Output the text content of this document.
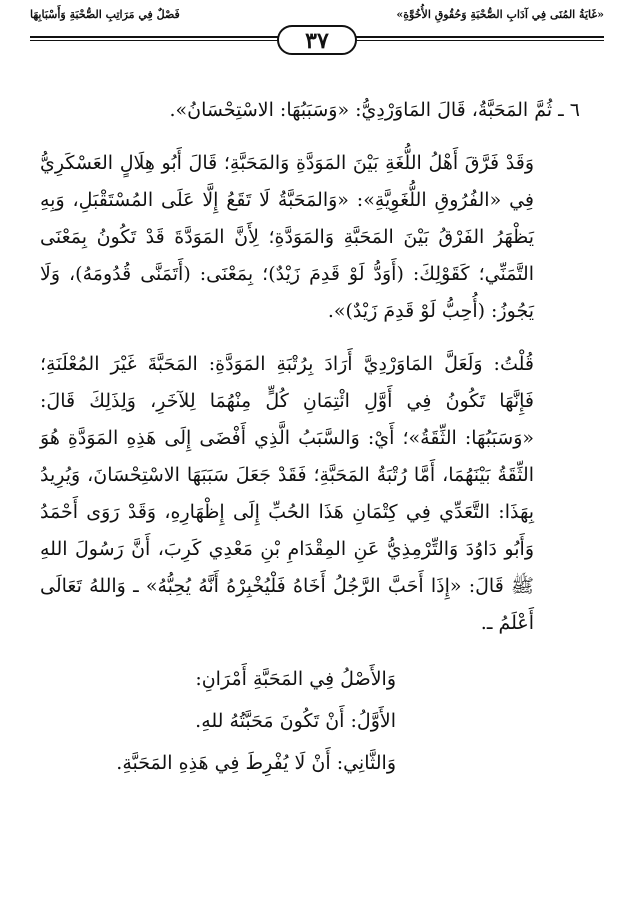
«غَايَةُ المُنَى فِي آدَابِ الصُّحْبَةِ وَحُقُوقِ الأُخُوَّةِ»
فَصْلٌ فِي مَرَاتِبِ الصُّحْبَةِ وَأَسْبَابِهَا
٣٧

٦ ـ ثُمَّ المَحَبَّةُ، قَالَ المَاوَرْدِيُّ: «وَسَبَبُهَا: الاسْتِحْسَانُ».

وَقَدْ فَرَّقَ أَهْلُ اللُّغَةِ بَيْنَ المَوَدَّةِ وَالمَحَبَّةِ؛ قَالَ أَبُو هِلَالٍ العَسْكَرِيُّ فِي «الفُرُوقِ اللُّغَوِيَّةِ»: «وَالمَحَبَّةُ لَا تَقَعُ إِلَّا عَلَى المُسْتَقْبَلِ، وَبِهِ يَظْهَرُ الفَرْقُ بَيْنَ المَحَبَّةِ وَالمَوَدَّةِ؛ لِأَنَّ المَوَدَّةَ قَدْ تَكُونُ بِمَعْنَى التَّمَنِّي؛ كَقَوْلِكَ: (أَوَدُّ لَوْ قَدِمَ زَيْدٌ)؛ بِمَعْنَى: (أَتَمَنَّى قُدُومَهُ)، وَلَا يَجُوزُ: (أُحِبُّ لَوْ قَدِمَ زَيْدٌ)».

قُلْتُ: وَلَعَلَّ المَاوَرْدِيَّ أَرَادَ بِرُتْبَةِ المَوَدَّةِ: المَحَبَّةَ غَيْرَ المُعْلَنَةِ؛ فَإِنَّهَا تَكُونُ فِي أَوَّلِ ائْتِمَانِ كُلٍّ مِنْهُمَا لِلآخَرِ، وَلِذَلِكَ قَالَ: «وَسَبَبُهَا: الثِّقَةُ»؛ أَيْ: وَالسَّبَبُ الَّذِي أَفْضَى إِلَى هَذِهِ المَوَدَّةِ هُوَ الثِّقَةُ بَيْنَهُمَا، أَمَّا رُتْبَةُ المَحَبَّةِ؛ فَقَدْ جَعَلَ سَبَبَهَا الاسْتِحْسَانَ، وَيُرِيدُ بِهَذَا: التَّعَدِّي فِي كِتْمَانِ هَذَا الحُبِّ إِلَى إِظْهَارِهِ، وَقَدْ رَوَى أَحْمَدُ وَأَبُو دَاوُدَ وَالتِّرْمِذِيُّ عَنِ المِقْدَامِ بْنِ مَعْدِي كَرِبَ، أَنَّ رَسُولَ اللهِ ﷺ قَالَ: «إِذَا أَحَبَّ الرَّجُلُ أَخَاهُ فَلْيُخْبِرْهُ أَنَّهُ يُحِبُّهُ» ـ وَاللهُ تَعَالَى أَعْلَمُ ـ.

وَالأَصْلُ فِي المَحَبَّةِ أَمْرَانِ:

الأَوَّلُ: أَنْ تَكُونَ مَحَبَّتُهُ للهِ.

وَالثَّانِي: أَنْ لَا يُفْرِطَ فِي هَذِهِ المَحَبَّةِ.
